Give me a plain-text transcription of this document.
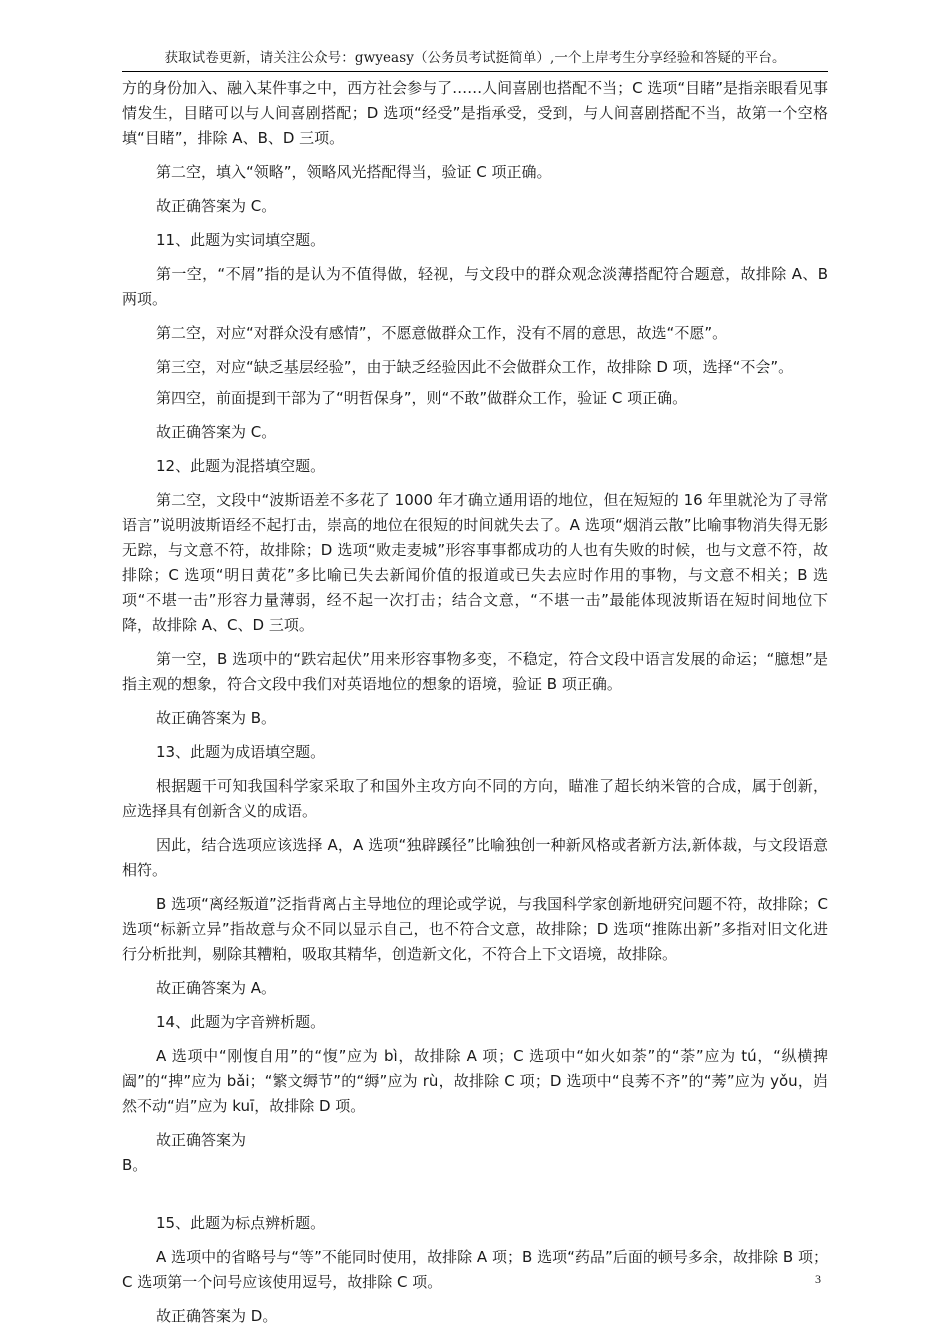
获取试卷更新，请关注公众号：gwyeasy（公务员考试挺简单）,一个上岸考生分享经验和答疑的平台。

方的身份加入、融入某件事之中，西方社会参与了……人间喜剧也搭配不当；C 选项“目睹”是指亲眼看见事情发生，目睹可以与人间喜剧搭配；D 选项“经受”是指承受，受到，与人间喜剧搭配不当，故第一个空格填“目睹”，排除 A、B、D 三项。

第二空，填入“领略”，领略风光搭配得当，验证 C 项正确。

故正确答案为 C。

11、此题为实词填空题。

第一空，“不屑”指的是认为不值得做，轻视，与文段中的群众观念淡薄搭配符合题意，故排除 A、B 两项。

第二空，对应“对群众没有感情”，不愿意做群众工作，没有不屑的意思，故选“不愿”。

第三空，对应“缺乏基层经验”，由于缺乏经验因此不会做群众工作，故排除 D 项，选择“不会”。

第四空，前面提到干部为了“明哲保身”，则“不敢”做群众工作，验证 C 项正确。

故正确答案为 C。

12、此题为混搭填空题。

第二空，文段中“波斯语差不多花了 1000 年才确立通用语的地位，但在短短的 16 年里就沦为了寻常语言”说明波斯语经不起打击，崇高的地位在很短的时间就失去了。A 选项“烟消云散”比喻事物消失得无影无踪，与文意不符，故排除；D 选项“败走麦城”形容事事都成功的人也有失败的时候，也与文意不符，故排除；C 选项“明日黄花”多比喻已失去新闻价值的报道或已失去应时作用的事物，与文意不相关；B 选项“不堪一击”形容力量薄弱，经不起一次打击；结合文意，“不堪一击”最能体现波斯语在短时间地位下降，故排除 A、C、D 三项。

第一空，B 选项中的“跌宕起伏”用来形容事物多变，不稳定，符合文段中语言发展的命运；“臆想”是指主观的想象，符合文段中我们对英语地位的想象的语境，验证 B 项正确。

故正确答案为 B。

13、此题为成语填空题。

根据题干可知我国科学家采取了和国外主攻方向不同的方向，瞄准了超长纳米管的合成，属于创新，应选择具有创新含义的成语。

因此，结合选项应该选择 A，A 选项“独辟蹊径”比喻独创一种新风格或者新方法,新体裁，与文段语意相符。

B 选项“离经叛道”泛指背离占主导地位的理论或学说，与我国科学家创新地研究问题不符，故排除；C 选项“标新立异”指故意与众不同以显示自己，也不符合文意，故排除；D 选项“推陈出新”多指对旧文化进行分析批判，剔除其糟粕，吸取其精华，创造新文化，不符合上下文语境，故排除。

故正确答案为 A。

14、此题为字音辨析题。

A 选项中“刚愎自用”的“愎”应为 bì，故排除 A 项；C 选项中“如火如荼”的“荼”应为 tú，“纵横捭阖”的“捭”应为 bǎi；“繁文缛节”的“缛”应为 rù，故排除 C 项；D 选项中“良莠不齐”的“莠”应为 yǒu，岿然不动“岿”应为 kuī，故排除 D 项。

故正确答案为

B。

15、此题为标点辨析题。

A 选项中的省略号与“等”不能同时使用，故排除 A 项；B 选项“药品”后面的顿号多余，故排除 B 项；C 选项第一个问号应该使用逗号，故排除 C 项。

故正确答案为 D。

3
